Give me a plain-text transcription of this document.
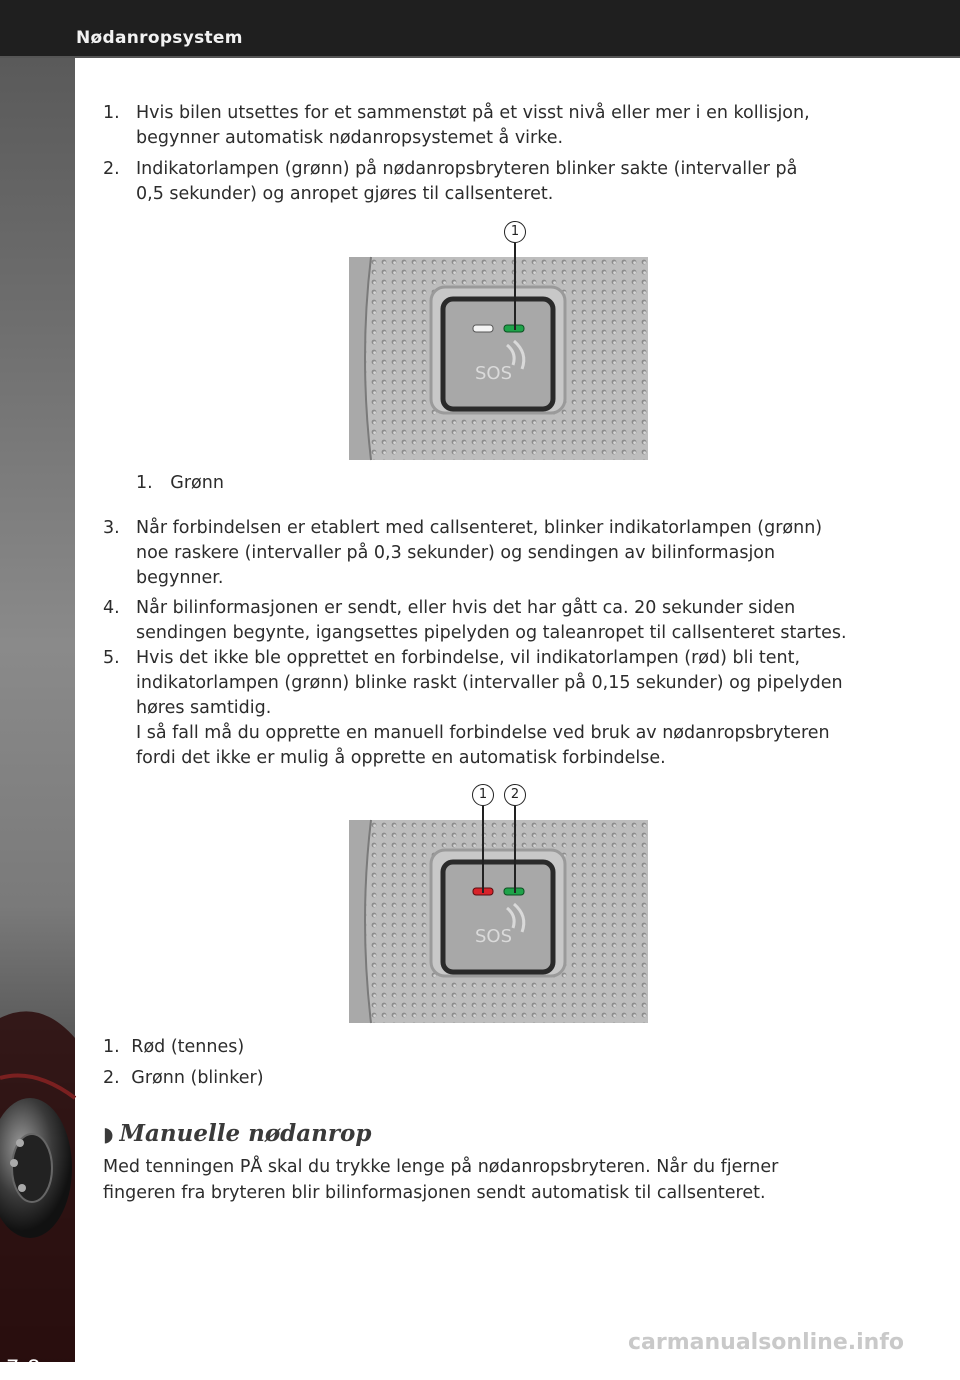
Nødanropsystem
7-8
1. Hvis bilen utsettes for et sammenstøt på et visst nivå eller mer i en kollisjon,
begynner automatisk nødanropsystemet å virke.
2. Indikatorlampen (grønn) på nødanropsbryteren blinker sakte (intervaller på
0,5 sekunder) og anropet gjøres til callsenteret.
1
SOS
1. Grønn
3. Når forbindelsen er etablert med callsenteret, blinker indikatorlampen (grønn)
noe raskere (intervaller på 0,3 sekunder) og sendingen av bilinformasjon
begynner.
4. Når bilinformasjonen er sendt, eller hvis det har gått ca. 20 sekunder siden
sendingen begynte, igangsettes pipelyden og taleanropet til callsenteret startes.
5. Hvis det ikke ble opprettet en forbindelse, vil indikatorlampen (rød) bli tent,
indikatorlampen (grønn) blinke raskt (intervaller på 0,15 sekunder) og pipelyden
høres samtidig.
I så fall må du opprette en manuell forbindelse ved bruk av nødanropsbryteren
fordi det ikke er mulig å opprette en automatisk forbindelse.
1	2
SOS
1. Rød (tennes)
2. Grønn (blinker)
◗ Manuelle nødanrop
Med tenningen PÅ skal du trykke lenge på nødanropsbryteren. Når du fjerner
fingeren fra bryteren blir bilinformasjonen sendt automatisk til callsenteret.
carmanualsonline.info
